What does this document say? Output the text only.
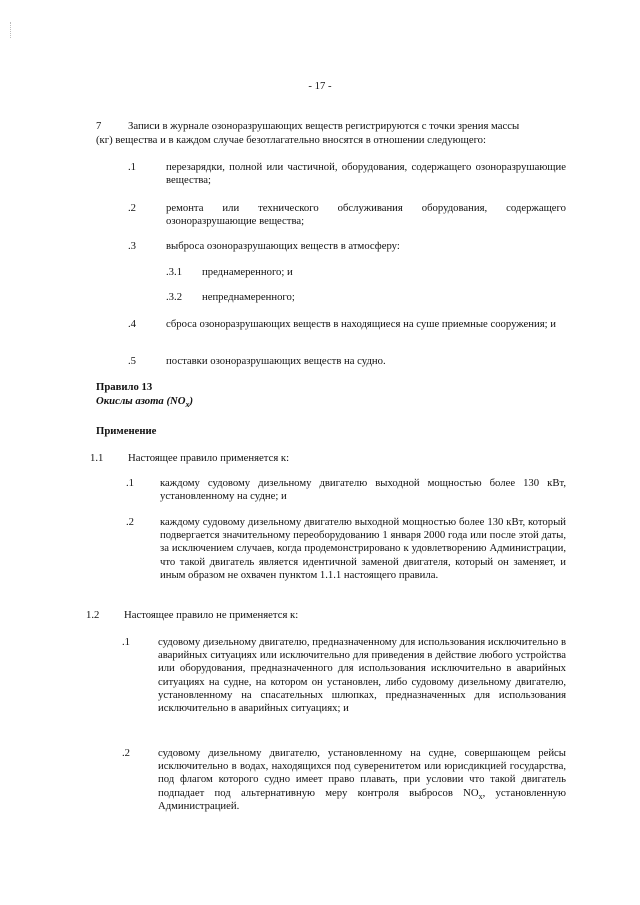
- 17 -
7 Записи в журнале озоноразрушающих веществ регистрируются с точки зрения массы
(кг) вещества и в каждом случае безотлагательно вносятся в отношении следующего:
.1	перезарядки, полной или частичной, оборудования, содержащего озоноразрушающие вещества;
.2	ремонта или технического обслуживания оборудования, содержащего озоноразрушающие вещества;
.3	выброса озоноразрушающих веществ в атмосферу:
.3.1 преднамеренного; и
.3.2 непреднамеренного;
.4	сброса озоноразрушающих веществ в находящиеся на суше приемные сооружения; и
.5	поставки озоноразрушающих веществ на судно.
Правило 13
Окислы азота $(NO_x)$
Применение
1.1 Настоящее правило применяется к:
.1 каждому судовому дизельному двигателю выходной мощностью более 130 кВт, установленному на судне; и
.2 каждому судовому дизельному двигателю выходной мощностью более 130 кВт, который подвергается значительному переоборудованию 1 января 2000 года или после этой даты, за исключением случаев, когда продемонстрировано к удовлетворению Администрации, что такой двигатель является идентичной заменой двигателя, который он заменяет, и иным образом не охвачен пунктом 1.1.1 настоящего правила.
1.2 Настоящее правило не применяется к:
.1	судовому дизельному двигателю, предназначенному для использования исключительно в аварийных ситуациях или исключительно для приведения в действие любого устройства или оборудования, предназначенного для использования исключительно в аварийных ситуациях на судне, на котором он установлен, либо судовому дизельному двигателю, установленному на спасательных шлюпках, предназначенных для использования исключительно в аварийных ситуациях; и
.2	судовому дизельному двигателю, установленному на судне, совершающем рейсы исключительно в водах, находящихся под суверенитетом или юрисдикцией государства, под флагом которого судно имеет право плавать, при условии что такой двигатель подпадает под альтернативную меру контроля выбросов $NO_x$, установленную Администрацией.
